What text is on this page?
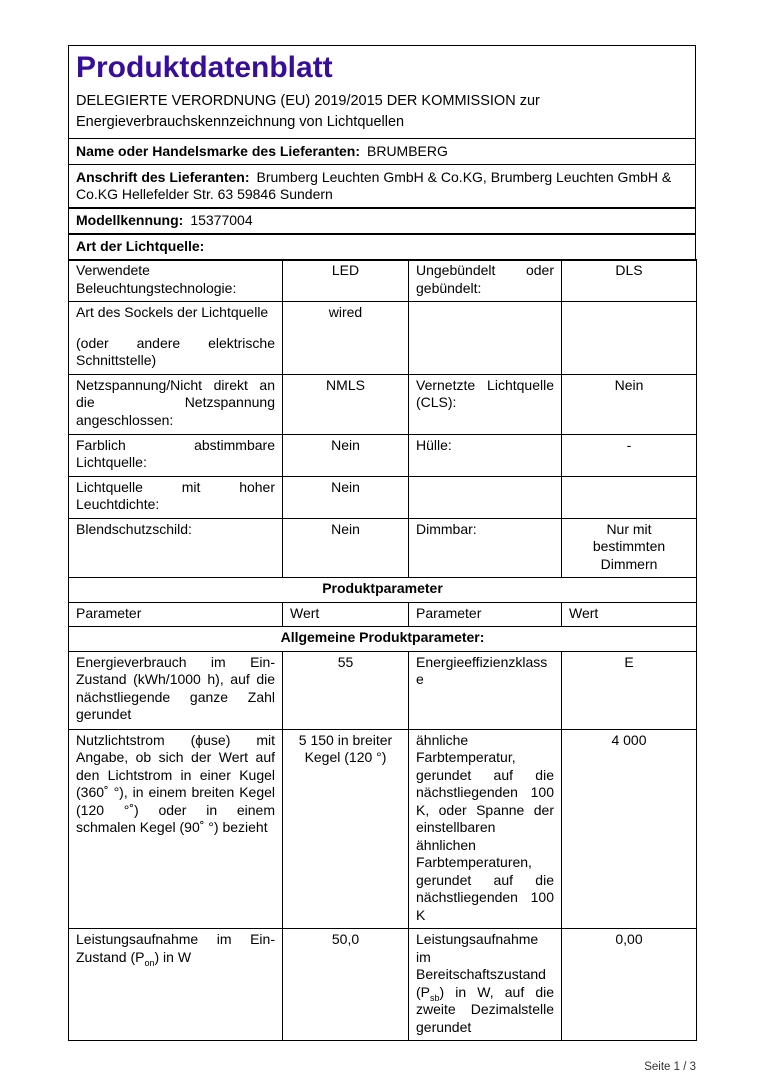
Produktdatenblatt

DELEGIERTE VERORDNUNG (EU) 2019/2015 DER KOMMISSION zur Energieverbrauchskennzeichnung von Lichtquellen

Name oder Handelsmarke des Lieferanten: BRUMBERG
Anschrift des Lieferanten: Brumberg Leuchten GmbH & Co.KG, Brumberg Leuchten GmbH & Co.KG Hellefelder Str. 63 59846 Sundern
Modellkennung: 15377004
Art der Lichtquelle:
Verwendete Beleuchtungstechnologie:	LED	Ungebündelt oder gebündelt:	DLS

Art des Sockels der Lichtquelle

(oder andere elektrische Schnittstelle)	wired		
Netzspannung/Nicht direkt an die Netzspannung angeschlossen:	NMLS	Vernetzte Lichtquelle (CLS):	Nein
Farblich abstimmbare Lichtquelle:	Nein	Hülle:	-
Lichtquelle mit hoher Leuchtdichte:	Nein		
Blendschutzschild:	Nein	Dimmbar:	Nur mit bestimmten Dimmern
Produktparameter			
Parameter	Wert	Parameter	Wert
Allgemeine Produktparameter:			
Energieverbrauch im Ein-Zustand (kWh/1000 h), auf die nächstliegende ganze Zahl gerundet	55	Energieeffizienzklasse	E
Nutzlichtstrom (ϕuse) mit Angabe, ob sich der Wert auf den Lichtstrom in einer Kugel (360˚ °), in einem breiten Kegel (120 °˚) oder in einem schmalen Kegel (90˚ °) bezieht	5 150 in breiter Kegel (120 °)	ähnliche Farbtemperatur, gerundet auf die nächstliegenden 100 K, oder Spanne der einstellbaren ähnlichen Farbtemperaturen, gerundet auf die nächstliegenden 100 K	4 000
Leistungsaufnahme im Ein-Zustand $(P_{on})$ in W	50,0	Leistungsaufnahme im Bereitschaftszustand $(P_{sb})$ in W, auf die zweite Dezimalstelle gerundet	0,00
Seite 1 / 3
